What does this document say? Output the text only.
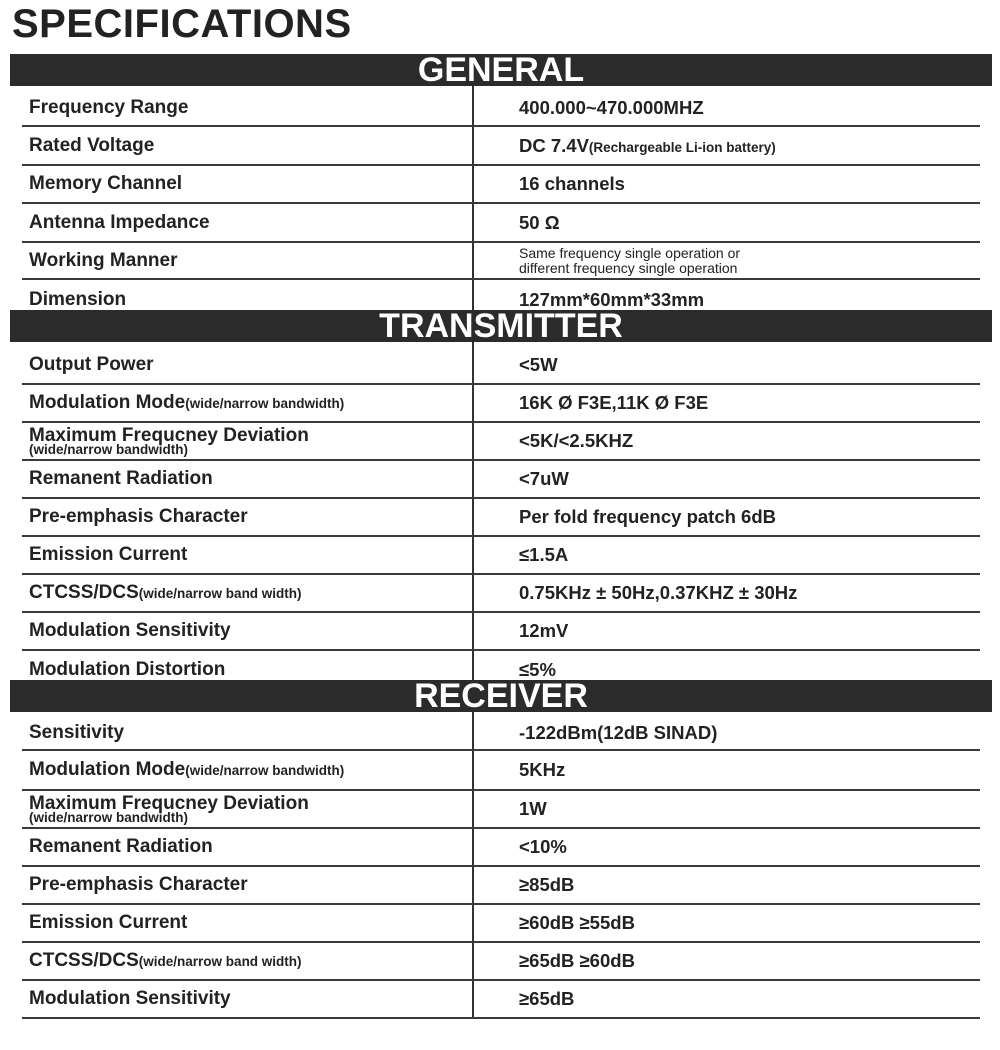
SPECIFICATIONS
GENERAL
Frequency Range	400.000~470.000MHZ
Rated Voltage	DC 7.4V(Rechargeable Li-ion battery)
Memory Channel	16 channels
Antenna Impedance	50 Ω
Working Manner	Same frequency single operation or
different frequency single operation
Dimension	127mm*60mm*33mm
TRANSMITTER
Output Power	<5W
Modulation Mode(wide/narrow bandwidth)	16K Ø F3E,11K Ø F3E
Maximum Frequcney Deviation
(wide/narrow bandwidth)	<5K/<2.5KHZ
Remanent Radiation	<7uW
Pre-emphasis Character	Per fold frequency patch 6dB
Emission Current	≤1.5A
CTCSS/DCS(wide/narrow band width)	0.75KHz ± 50Hz,0.37KHZ ± 30Hz
Modulation Sensitivity	12mV
Modulation Distortion	≤5%
RECEIVER
Sensitivity	-122dBm(12dB SINAD)
Modulation Mode(wide/narrow bandwidth)	5KHz
Maximum Frequcney Deviation
(wide/narrow bandwidth)	1W
Remanent Radiation	<10%
Pre-emphasis Character	≥85dB
Emission Current	≥60dB ≥55dB
CTCSS/DCS(wide/narrow band width)	≥65dB ≥60dB
Modulation Sensitivity	≥65dB
